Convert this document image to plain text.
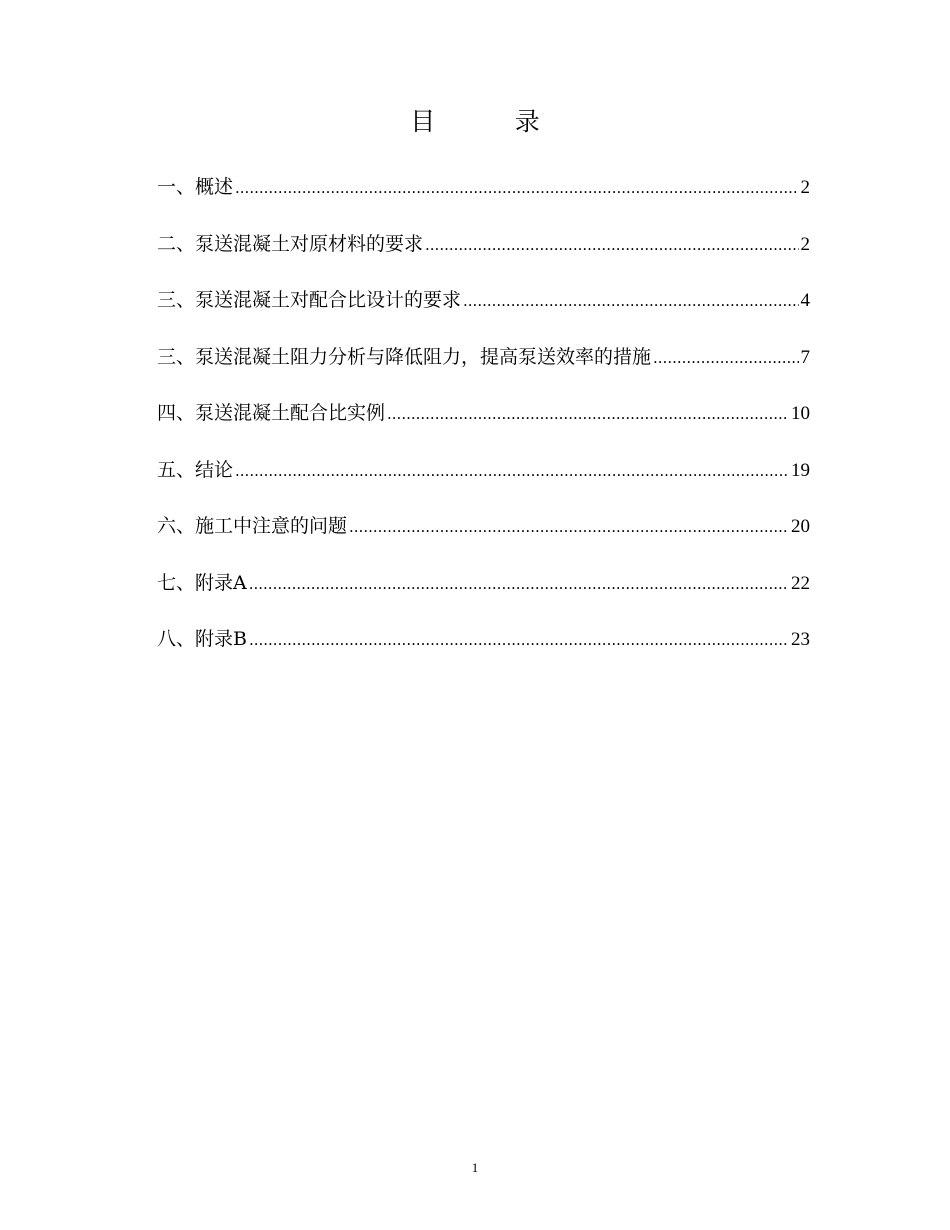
目          录
一、概述 .....	2
二、泵送混凝土对原材料的要求 .....	2
三、泵送混凝土对配合比设计的要求 .....	4
三、泵送混凝土阻力分析与降低阻力，提高泵送效率的措施 .....	7
四、泵送混凝土配合比实例 .....	10
五、结论 .....	19
六、施工中注意的问题 .....	20
七、附录A .....	22
八、附录B .....	23
1
